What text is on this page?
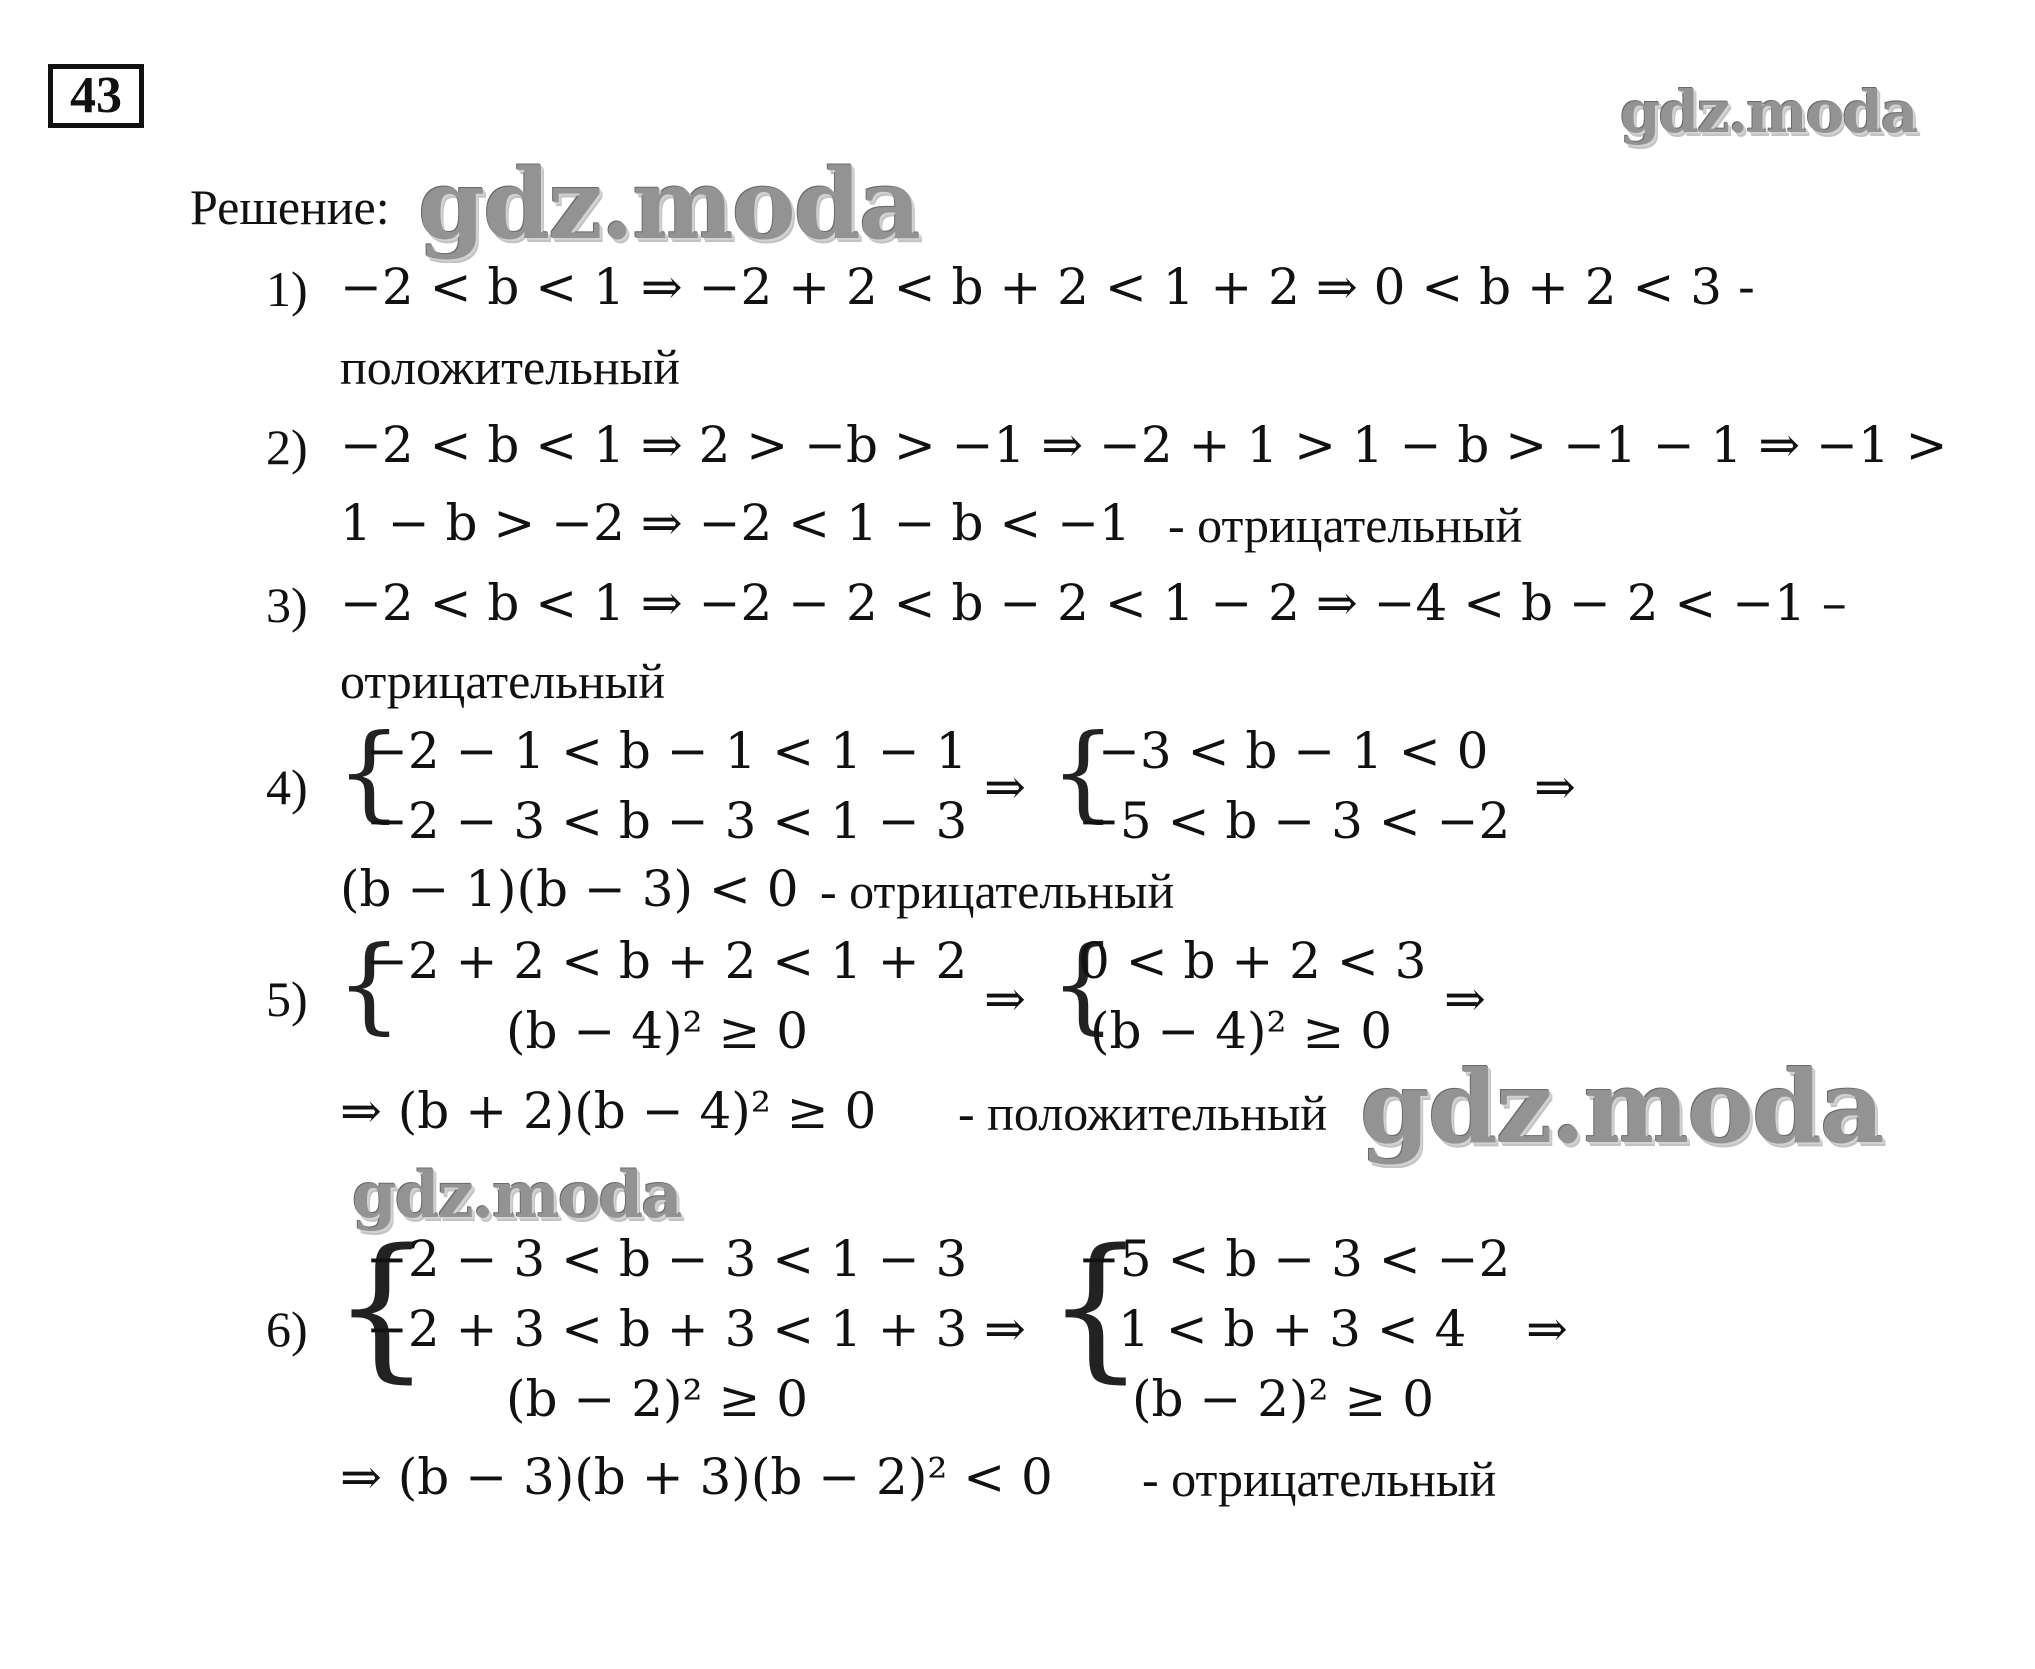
43	gdz.moda
gdz.moda
gdz.moda
gdz.moda
Решение:
1) −2 < b < 1 ⇒ −2 + 2 < b + 2 < 1 + 2 ⇒ 0 < b + 2 < 3 -
положительный
2) −2 < b < 1 ⇒ 2 > −b > −1 ⇒ −2 + 1 > 1 − b > −1 − 1 ⇒ −1 >
1 − b > −2 ⇒ −2 < 1 − b < −1 - отрицательный
3) −2 < b < 1 ⇒ −2 − 2 < b − 2 < 1 − 2 ⇒ −4 < b − 2 < −1 –
отрицательный
4) {
−2 − 1 < b − 1 < 1 − 1
−2 − 3 < b − 3 < 1 − 3
⇒ {
−3 < b − 1 < 0
−5 < b − 3 < −2
⇒
(b − 1)(b − 3) < 0 - отрицательный
5) {
−2 + 2 < b + 2 < 1 + 2
(b − 4)² ≥ 0
⇒ {
0 < b + 2 < 3
(b − 4)² ≥ 0
⇒
⇒ (b + 2)(b − 4)² ≥ 0 - положительный
6) {
−2 − 3 < b − 3 < 1 − 3
−2 + 3 < b + 3 < 1 + 3
(b − 2)² ≥ 0
⇒ {
−5 < b − 3 < −2
1 < b + 3 < 4
(b − 2)² ≥ 0
⇒
⇒ (b − 3)(b + 3)(b − 2)² < 0 - отрицательный
